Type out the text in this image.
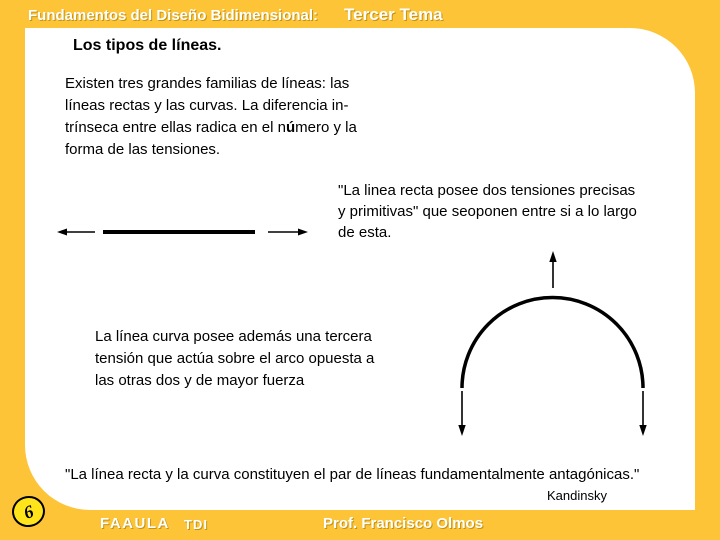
Fundamentos del Diseño Bidimensional: Tercer Tema
Los tipos de líneas.
Existen tres grandes familias de líneas: las
líneas rectas y las curvas. La diferencia in-
trínseca entre ellas radica en el número y la
forma de las tensiones.
"La linea recta posee dos tensiones precisas
y primitivas" que seoponen entre si a lo largo
de esta.
La línea curva posee además una tercera
tensión que actúa sobre el arco opuesta a
las otras dos y de mayor fuerza
"La línea recta y la curva constituyen el par de líneas fundamentalmente antagónicas."
Kandinsky
6
FAAULA TDI	Prof. Francisco Olmos
